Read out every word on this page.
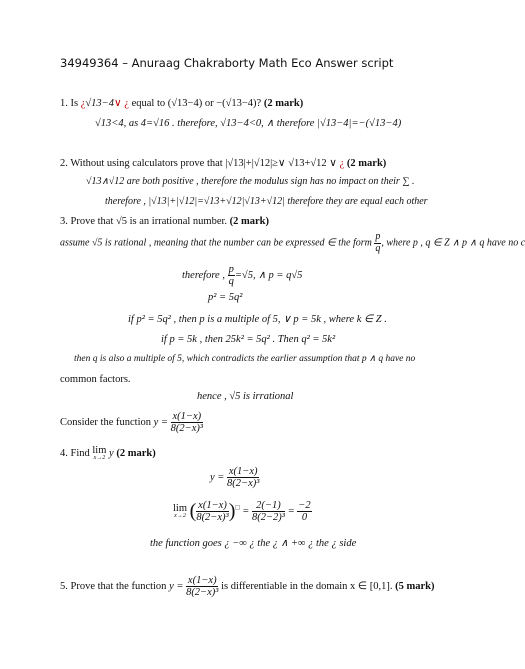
34949364 – Anuraag Chakraborty Math Eco Answer script
1. Is ¿√13−4∨ ¿ equal to (√13−4) or −(√13−4)? (2 mark)
√13<4, as 4=√16 . therefore, √13−4<0, ∧ therefore |√13−4|=−(√13−4)
2. Without using calculators prove that |√13|+|√12|≥∨ √13+√12 ∨ ¿ (2 mark)
√13∧√12 are both positive , therefore the modulus sign has no impact on their ∑ .
therefore , |√13|+|√12|=√13+√12|√13+√12| therefore they are equal each other
3. Prove that √5 is an irrational number. (2 mark)
assume √5 is rational , meaning that the number can be expressed ∈ the form $\frac{p}{q}$ , where p , q ∈ Z ∧ p ∧ q have no c
therefore , $\frac{p}{q} =√5$, ∧ p = q√5
p² = 5q²
if p² = 5q² , then p is a multiple of 5, ∨ p = 5k , where k ∈ Z .
if p = 5k , then 25k² = 5q² . Then q² = 5k²
then q is also a multiple of 5, which contradicts the earlier assumption that p ∧ q have no
common factors.
hence , √5 is irrational
Consider the function $y = \frac{x(1-x)}{\text{8(2−x)³}}$
4. Find lim
x→2 y (2 mark)
$y = \frac{x(1-x)}{\text{8(2−x)³}}$
lim
x→2 ( $\frac{x(1-x)}{\text{8(2−x)³}} )^□ = \frac{2(-1)}{\text{8(2−2)³}} = \frac{-2}{0}$
the function goes ¿ −∞ ¿ the ¿ ∧ +∞ ¿ the ¿ side
5. Prove that the function $y = \frac{x(1-x)}{\text{8(2−x)³}}$ is differentiable in the domain x ∈ [0,1]. (5 mark)
